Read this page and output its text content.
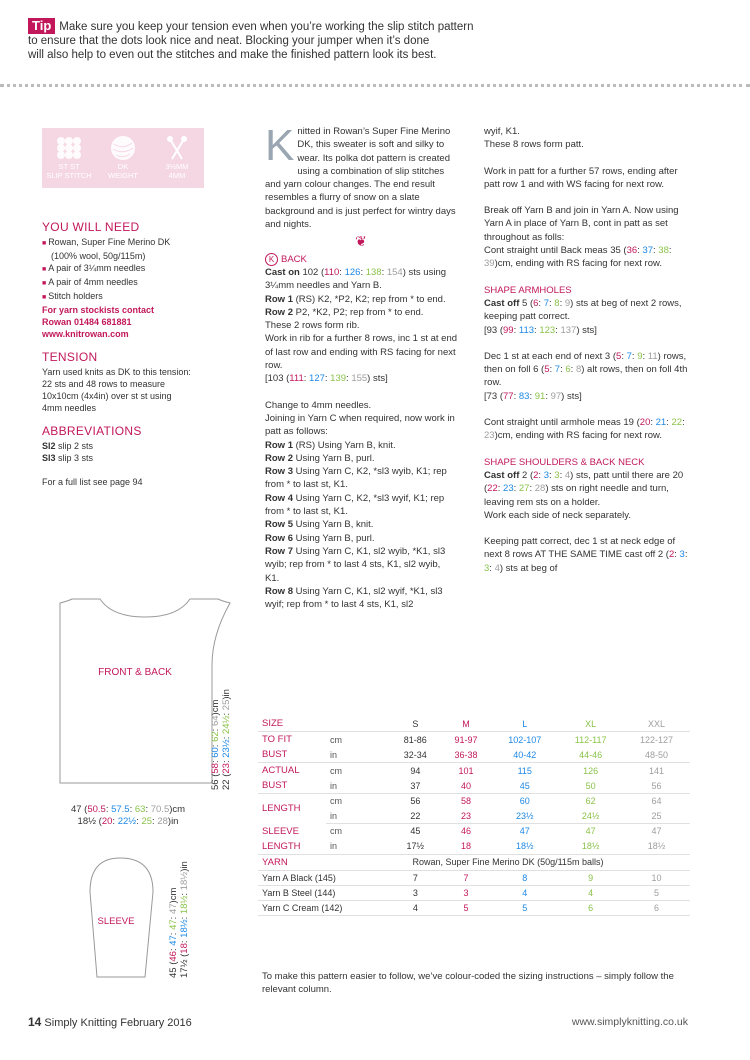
Tip Make sure you keep your tension even when you’re working the slip stitch pattern
to ensure that the dots look nice and neat. Blocking your jumper when it’s done
will also help to even out the stitches and make the finished pattern look its best.
ST ST
SLIP STITCH
DK
WEIGHT
3½MM
4MM
YOU WILL NEED
■ Rowan, Super Fine Merino DK
(100% wool, 50g/115m)
■ A pair of 3¼mm needles
■ A pair of 4mm needles
■ Stitch holders
For yarn stockists contact
Rowan 01484 681881
www.knitrowan.com
TENSION
Yarn used knits as DK to this tension: 22 sts and 48 rows to measure 10x10cm (4x4in) over st st using 4mm needles
ABBREVIATIONS
Sl2 slip 2 sts
Sl3 slip 3 sts
For a full list see page 94
Knitted in Rowan’s Super Fine Merino DK, this sweater is soft and silky to wear. Its polka dot pattern is created using a combination of slip stitches and yarn colour changes. The end result resembles a flurry of snow on a slate background and is just perfect for wintry days and nights.
❦
K BACK
Cast on 102 (110: 126: 138: 154) sts using 3¼mm needles and Yarn B.
Row 1 (RS) K2, *P2, K2; rep from * to end.
Row 2 P2, *K2, P2; rep from * to end.
These 2 rows form rib.
Work in rib for a further 8 rows, inc 1 st at end of last row and ending with RS facing for next row.
[103 (111: 127: 139: 155) sts]
Change to 4mm needles.
Joining in Yarn C when required, now work in patt as follows:
Row 1 (RS) Using Yarn B, knit.
Row 2 Using Yarn B, purl.
Row 3 Using Yarn C, K2, *sl3 wyib, K1; rep from * to last st, K1.
Row 4 Using Yarn C, K2, *sl3 wyif, K1; rep from * to last st, K1.
Row 5 Using Yarn B, knit.
Row 6 Using Yarn B, purl.
Row 7 Using Yarn C, K1, sl2 wyib, *K1, sl3 wyib; rep from * to last 4 sts, K1, sl2 wyib, K1.
Row 8 Using Yarn C, K1, sl2 wyif, *K1, sl3 wyif; rep from * to last 4 sts, K1, sl2
wyif, K1.
These 8 rows form patt.
Work in patt for a further 57 rows, ending after patt row 1 and with WS facing for next row.
Break off Yarn B and join in Yarn A. Now using Yarn A in place of Yarn B, cont in patt as set throughout as folls:
Cont straight until Back meas 35 (36: 37: 38: 39)cm, ending with RS facing for next row.
SHAPE ARMHOLES
Cast off 5 (6: 7: 8: 9) sts at beg of next 2 rows, keeping patt correct.
[93 (99: 113: 123: 137) sts]
Dec 1 st at each end of next 3 (5: 7: 9: 11) rows, then on foll 6 (5: 7: 6: 8) alt rows, then on foll 4th row.
[73 (77: 83: 91: 97) sts]
Cont straight until armhole meas 19 (20: 21: 22: 23)cm, ending with RS facing for next row.
SHAPE SHOULDERS & BACK NECK
Cast off 2 (2: 3: 3: 4) sts, patt until there are 20 (22: 23: 27: 28) sts on right needle and turn, leaving rem sts on a holder.
Work each side of neck separately.
Keeping patt correct, dec 1 st at neck edge of next 8 rows AT THE SAME TIME cast off 2 (2: 3: 3: 4) sts at beg of
FRONT & BACK
56 (58: 60: 62: 64)cm
22 (23: 23½: 24½: 25)in
47 (50.5: 57.5: 63: 70.5)cm
18½ (20: 22½: 25: 28)in
SLEEVE
45 (46: 47: 47: 47)cm
17½ (18: 18½: 18½: 18½)in
SIZE		S	M	L	XL	XXL
TO FIT	cm	81-86	91-97	102-107	112-117	122-127
BUST	in	32-34	36-38	40-42	44-46	48-50
ACTUAL	cm	94	101	115	126	141
BUST	in	37	40	45	50	56
LENGTH	cm	56	58	60	62	64
	in	22	23	23½	24½	25
SLEEVE	cm	45	46	47	47	47
LENGTH	in	17½	18	18½	18½	18½
YARN	Rowan, Super Fine Merino DK (50g/115m balls)					
Yarn A Black (145)		7	7	8	9	10
Yarn B Steel (144)		3	3	4	4	5
Yarn C Cream (142)		4	5	5	6	6
To make this pattern easier to follow, we’ve colour-coded the sizing instructions – simply follow the relevant column.
14 Simply Knitting February 2016	www.simplyknitting.co.uk
